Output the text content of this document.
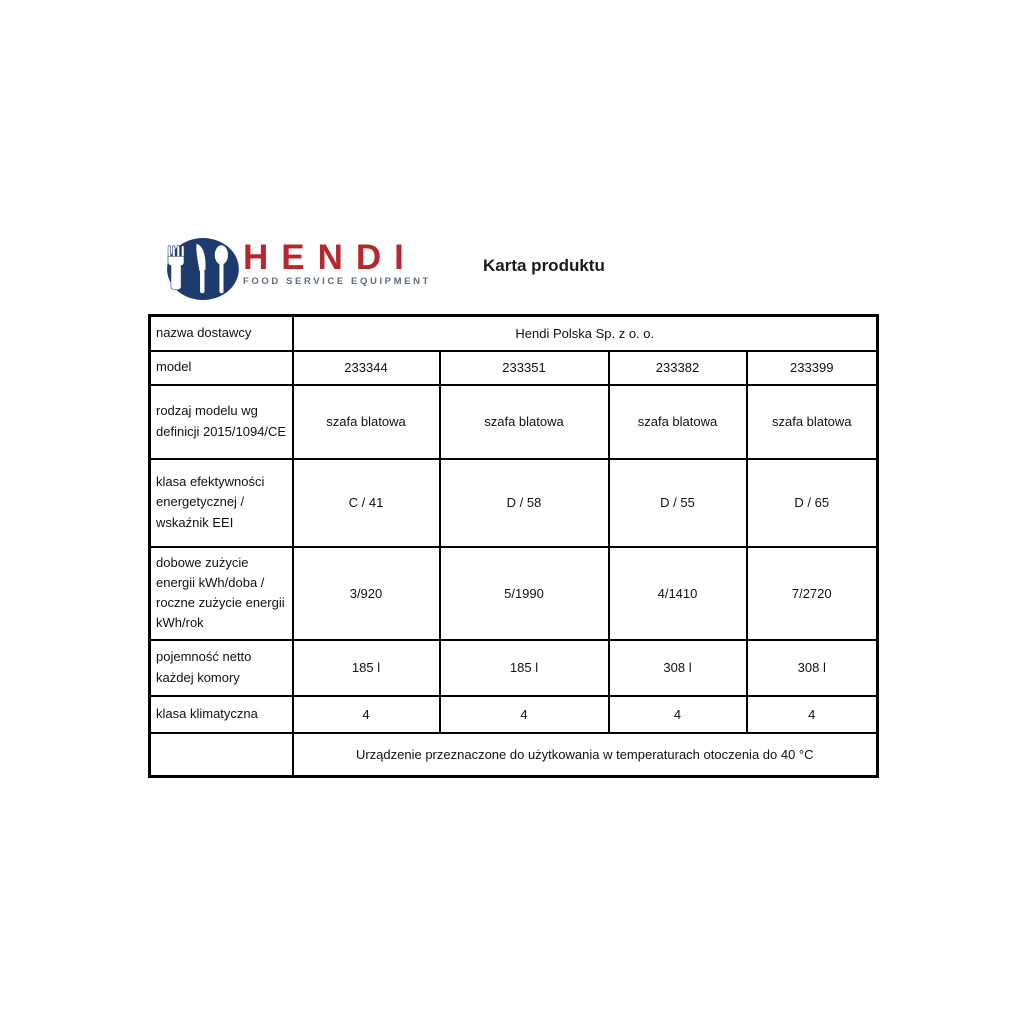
HENDI
FOOD SERVICE EQUIPMENT
Karta produktu
nazwa dostawcy	Hendi Polska Sp. z o. o.			
model	233344	233351	233382	233399
rodzaj modelu wg definicji 2015/1094/CE	szafa blatowa	szafa blatowa	szafa blatowa	szafa blatowa
klasa efektywności energetycznej / wskaźnik EEI	C / 41	D / 58	D / 55	D / 65
dobowe zużycie energii kWh/doba / roczne zużycie energii kWh/rok	3/920	5/1990	4/1410	7/2720
pojemność netto każdej komory	185 l	185 l	308 l	308 l
klasa klimatyczna	4	4	4	4
	Urządzenie przeznaczone do użytkowania w temperaturach otoczenia do 40 °C			
